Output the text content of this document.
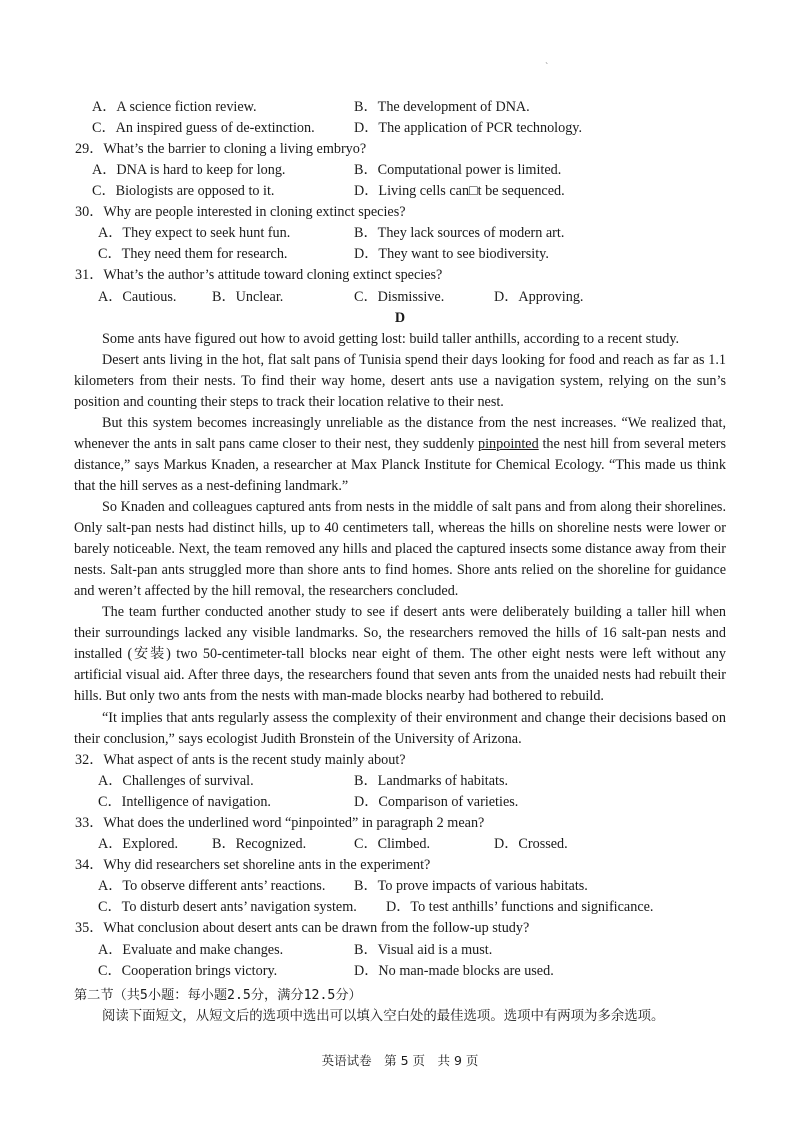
`
A．A science fiction review.	B．The development of DNA.
C．An inspired guess of de-extinction.	D．The application of PCR technology.
29．What’s the barrier to cloning a living embryo?
A．DNA is hard to keep for long.	B．Computational power is limited.
C．Biologists are opposed to it.	D．Living cells can□t be sequenced.
30．Why are people interested in cloning extinct species?
A．They expect to seek hunt fun.	B．They lack sources of modern art.
C．They need them for research.	D．They want to see biodiversity.
31．What’s the author’s attitude toward cloning extinct species?
A．Cautious.	B．Unclear.	C．Dismissive.	D．Approving.
D

Some ants have figured out how to avoid getting lost: build taller anthills, according to a recent study.

Desert ants living in the hot, flat salt pans of Tunisia spend their days looking for food and reach as far as 1.1 kilometers from their nests. To find their way home, desert ants use a navigation system, relying on the sun’s position and counting their steps to track their location relative to their nest.

But this system becomes increasingly unreliable as the distance from the nest increases. “We realized that, whenever the ants in salt pans came closer to their nest, they suddenly pinpointed the nest hill from several meters distance,” says Markus Knaden, a researcher at Max Planck Institute for Chemical Ecology. “This made us think that the hill serves as a nest-defining landmark.”

So Knaden and colleagues captured ants from nests in the middle of salt pans and from along their shorelines. Only salt-pan nests had distinct hills, up to 40 centimeters tall, whereas the hills on shoreline nests were lower or barely noticeable. Next, the team removed any hills and placed the captured insects some distance away from their nests. Salt-pan ants struggled more than shore ants to find homes. Shore ants relied on the shoreline for guidance and weren’t affected by the hill removal, the researchers concluded.

The team further conducted another study to see if desert ants were deliberately building a taller hill when their surroundings lacked any visible landmarks. So, the researchers removed the hills of 16 salt-pan nests and installed (安装) two 50-centimeter-tall blocks near eight of them. The other eight nests were left without any artificial visual aid. After three days, the researchers found that seven ants from the unaided nests had rebuilt their hills. But only two ants from the nests with man-made blocks nearby had bothered to rebuild.

“It implies that ants regularly assess the complexity of their environment and change their decisions based on their conclusion,” says ecologist Judith Bronstein of the University of Arizona.

32．What aspect of ants is the recent study mainly about?
A．Challenges of survival.	B．Landmarks of habitats.
C．Intelligence of navigation.	D．Comparison of varieties.
33．What does the underlined word “pinpointed” in paragraph 2 mean?
A．Explored. B．Recognized.	C．Climbed.	D．Crossed.
34．Why did researchers set shoreline ants in the experiment?
A．To observe different ants’ reactions. B．To prove impacts of various habitats.
C．To disturb desert ants’ navigation system. D．To test anthills’ functions and significance.
35．What conclusion about desert ants can be drawn from the follow-up study?
A．Evaluate and make changes.	B．Visual aid is a must.
C．Cooperation brings victory.	D．No man-made blocks are used.
第二节（共5小题：每小题2.5分，满分12.5分）
阅读下面短文，从短文后的选项中选出可以填入空白处的最佳选项。选项中有两项为多余选项。
英语试卷　第 5 页　共 9 页
